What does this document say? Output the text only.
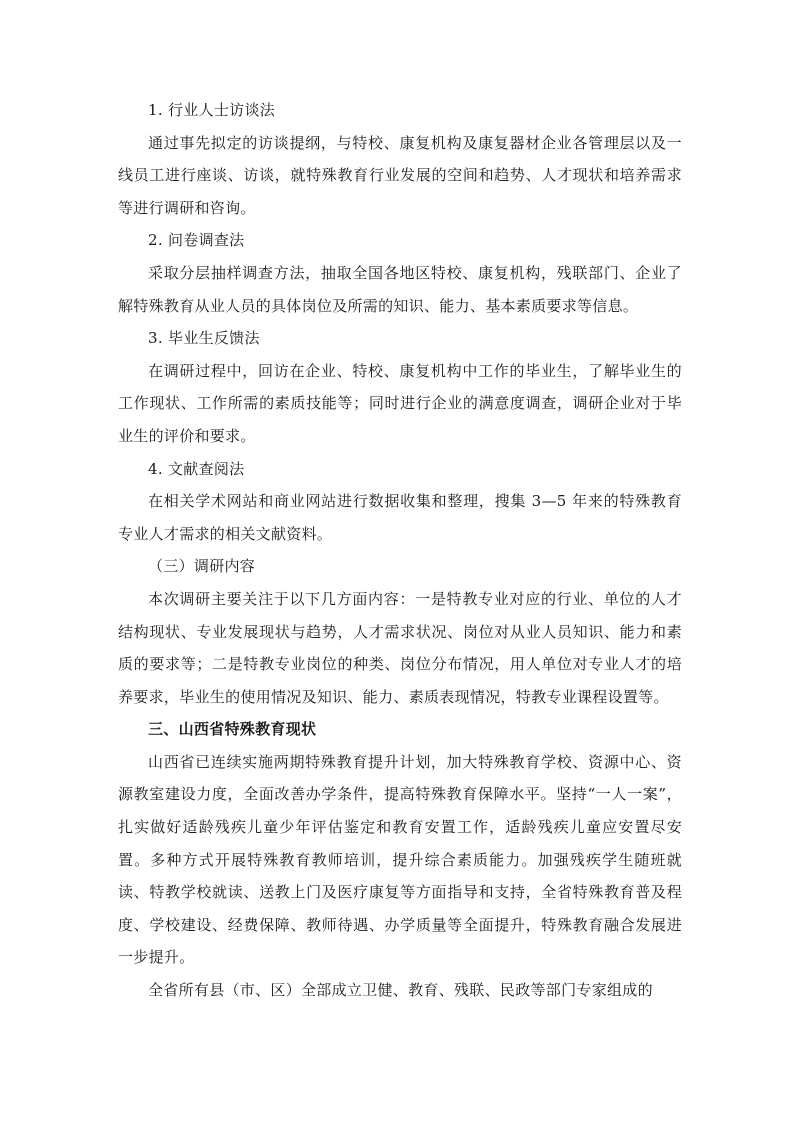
1. 行业人士访谈法

通过事先拟定的访谈提纲，与特校、康复机构及康复器材企业各管理层以及一线员工进行座谈、访谈，就特殊教育行业发展的空间和趋势、人才现状和培养需求等进行调研和咨询。

2. 问卷调查法

采取分层抽样调查方法，抽取全国各地区特校、康复机构，残联部门、企业了解特殊教育从业人员的具体岗位及所需的知识、能力、基本素质要求等信息。

3. 毕业生反馈法

在调研过程中，回访在企业、特校、康复机构中工作的毕业生，了解毕业生的工作现状、工作所需的素质技能等；同时进行企业的满意度调查，调研企业对于毕业生的评价和要求。

4. 文献查阅法

在相关学术网站和商业网站进行数据收集和整理，搜集 3—5 年来的特殊教育专业人才需求的相关文献资料。

（三）调研内容

本次调研主要关注于以下几方面内容：一是特教专业对应的行业、单位的人才结构现状、专业发展现状与趋势，人才需求状况、岗位对从业人员知识、能力和素质的要求等；二是特教专业岗位的种类、岗位分布情况，用人单位对专业人才的培养要求，毕业生的使用情况及知识、能力、素质表现情况，特教专业课程设置等。

三、山西省特殊教育现状

山西省已连续实施两期特殊教育提升计划，加大特殊教育学校、资源中心、资源教室建设力度，全面改善办学条件，提高特殊教育保障水平。坚持“一人一案”，扎实做好适龄残疾儿童少年评估鉴定和教育安置工作，适龄残疾儿童应安置尽安置。多种方式开展特殊教育教师培训，提升综合素质能力。加强残疾学生随班就读、特教学校就读、送教上门及医疗康复等方面指导和支持，全省特殊教育普及程度、学校建设、经费保障、教师待遇、办学质量等全面提升，特殊教育融合发展进一步提升。

全省所有县（市、区）全部成立卫健、教育、残联、民政等部门专家组成的
